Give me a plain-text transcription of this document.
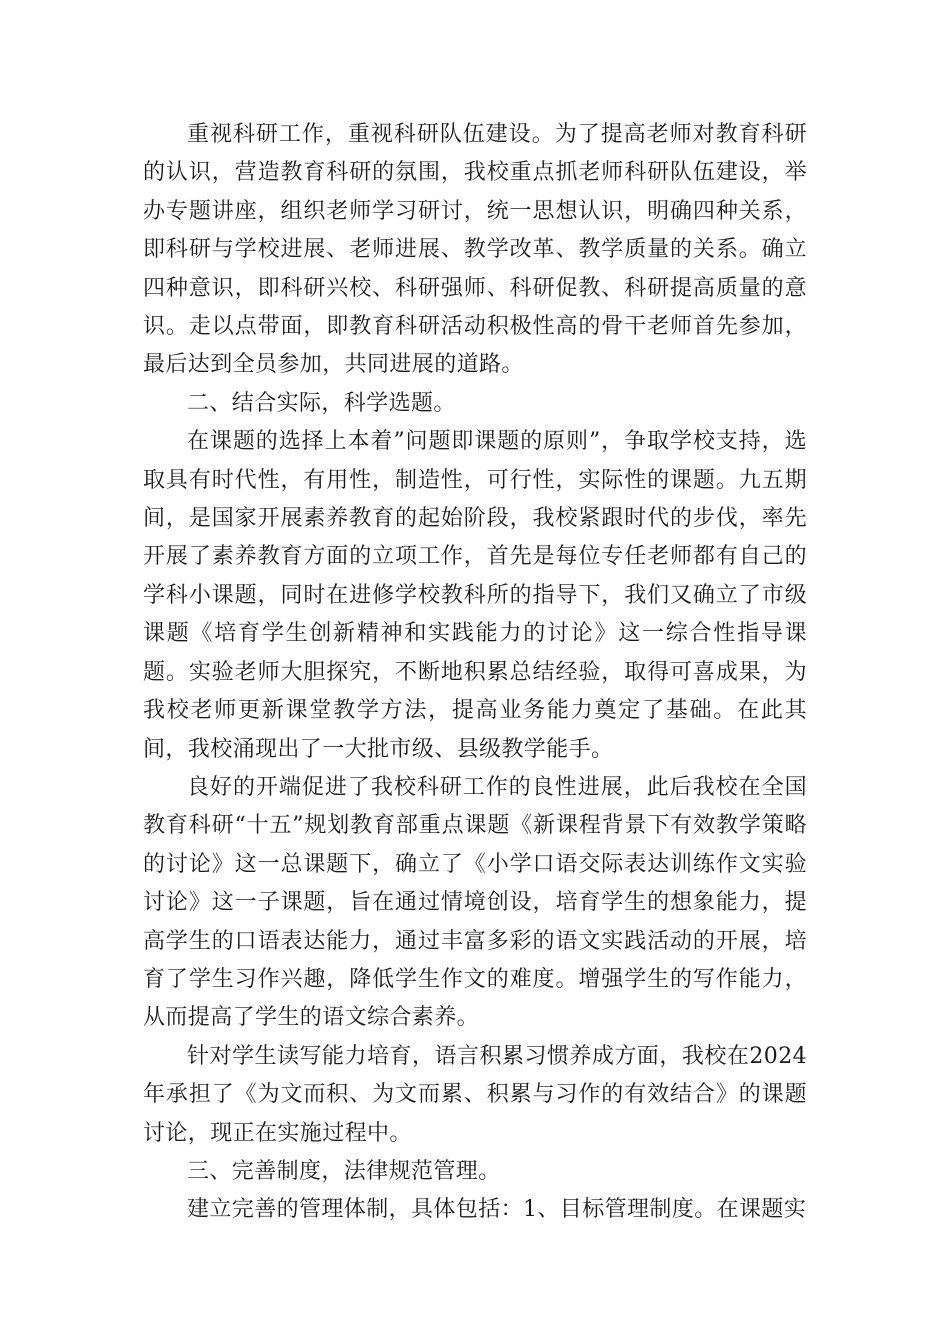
重视科研工作，重视科研队伍建设。为了提高老师对教育科研的认识，营造教育科研的氛围，我校重点抓老师科研队伍建设，举办专题讲座，组织老师学习研讨，统一思想认识，明确四种关系，即科研与学校进展、老师进展、教学改革、教学质量的关系。确立四种意识，即科研兴校、科研强师、科研促教、科研提高质量的意识。走以点带面，即教育科研活动积极性高的骨干老师首先参加，最后达到全员参加，共同进展的道路。

二、结合实际，科学选题。

在课题的选择上本着”问题即课题的原则”，争取学校支持，选取具有时代性，有用性，制造性，可行性，实际性的课题。九五期间，是国家开展素养教育的起始阶段，我校紧跟时代的步伐，率先开展了素养教育方面的立项工作，首先是每位专任老师都有自己的学科小课题，同时在进修学校教科所的指导下，我们又确立了市级课题《培育学生创新精神和实践能力的讨论》这一综合性指导课题。实验老师大胆探究，不断地积累总结经验，取得可喜成果，为我校老师更新课堂教学方法，提高业务能力奠定了基础。在此其间，我校涌现出了一大批市级、县级教学能手。

良好的开端促进了我校科研工作的良性进展，此后我校在全国教育科研“十五”规划教育部重点课题《新课程背景下有效教学策略的讨论》这一总课题下，确立了《小学口语交际表达训练作文实验讨论》这一子课题，旨在通过情境创设，培育学生的想象能力，提高学生的口语表达能力，通过丰富多彩的语文实践活动的开展，培育了学生习作兴趣，降低学生作文的难度。增强学生的写作能力，从而提高了学生的语文综合素养。

针对学生读写能力培育，语言积累习惯养成方面，我校在2024年承担了《为文而积、为文而累、积累与习作的有效结合》的课题讨论，现正在实施过程中。

三、完善制度，法律规范管理。

建立完善的管理体制，具体包括：1、目标管理制度。在课题实
